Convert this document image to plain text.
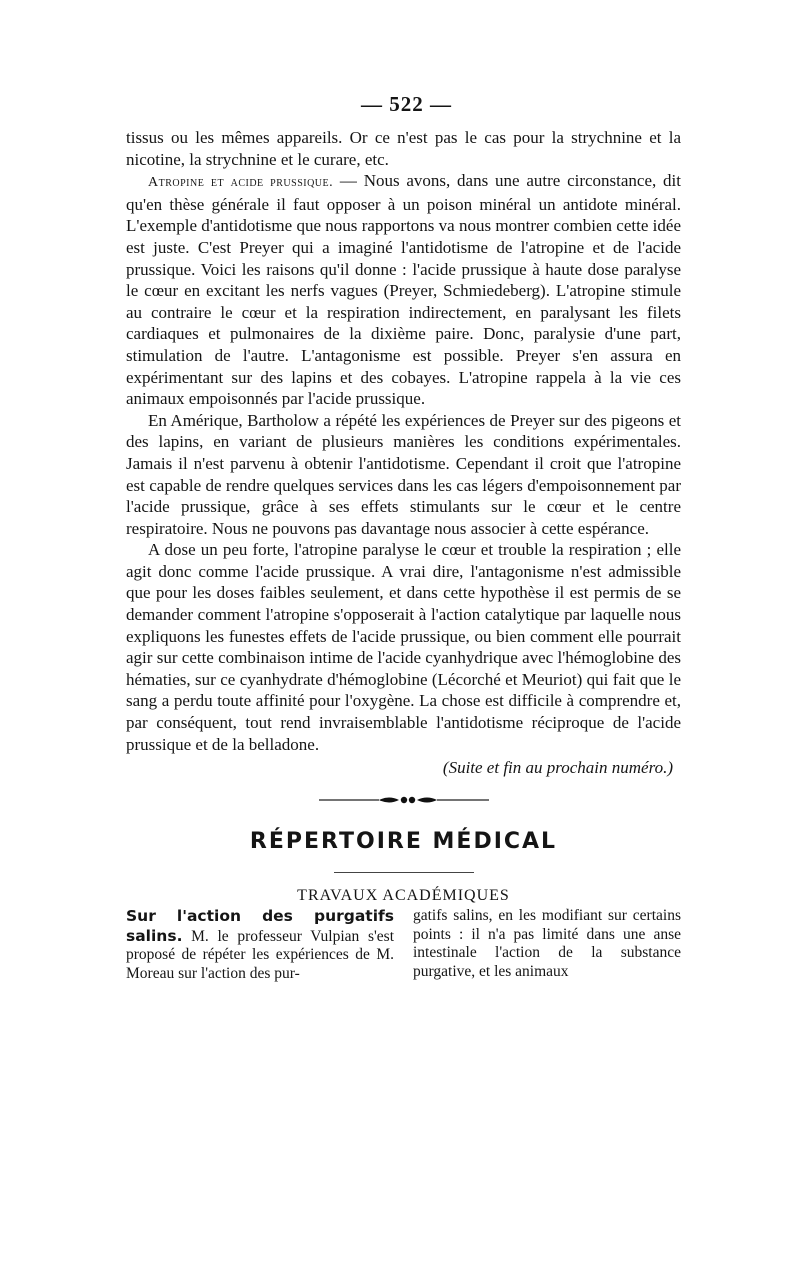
— 522 —

tissus ou les mêmes appareils. Or ce n'est pas le cas pour la strychnine et la nicotine, la strychnine et le curare, etc.

Atropine et acide prussique. — Nous avons, dans une autre circonstance, dit qu'en thèse générale il faut opposer à un poison minéral un antidote minéral. L'exemple d'antidotisme que nous rapportons va nous montrer combien cette idée est juste. C'est Preyer qui a imaginé l'antidotisme de l'atropine et de l'acide prussique. Voici les raisons qu'il donne : l'acide prussique à haute dose paralyse le cœur en excitant les nerfs vagues (Preyer, Schmiedeberg). L'atropine stimule au contraire le cœur et la respiration indirectement, en paralysant les filets cardiaques et pulmonaires de la dixième paire. Donc, paralysie d'une part, stimulation de l'autre. L'antagonisme est possible. Preyer s'en assura en expérimentant sur des lapins et des cobayes. L'atropine rappela à la vie ces animaux empoisonnés par l'acide prussique.

En Amérique, Bartholow a répété les expériences de Preyer sur des pigeons et des lapins, en variant de plusieurs manières les conditions expérimentales. Jamais il n'est parvenu à obtenir l'antidotisme. Cependant il croit que l'atropine est capable de rendre quelques services dans les cas légers d'empoisonnement par l'acide prussique, grâce à ses effets stimulants sur le cœur et le centre respiratoire. Nous ne pouvons pas davantage nous associer à cette espérance.

A dose un peu forte, l'atropine paralyse le cœur et trouble la respiration ; elle agit donc comme l'acide prussique. A vrai dire, l'antagonisme n'est admissible que pour les doses faibles seulement, et dans cette hypothèse il est permis de se demander comment l'atropine s'opposerait à l'action catalytique par laquelle nous expliquons les funestes effets de l'acide prussique, ou bien comment elle pourrait agir sur cette combinaison intime de l'acide cyanhydrique avec l'hémoglobine des hématies, sur ce cyanhydrate d'hémoglobine (Lécorché et Meuriot) qui fait que le sang a perdu toute affinité pour l'oxygène. La chose est difficile à comprendre et, par conséquent, tout rend invraisemblable l'antidotisme réciproque de l'acide prussique et de la belladone.

(Suite et fin au prochain numéro.)
RÉPERTOIRE MÉDICAL
TRAVAUX ACADÉMIQUES

Sur l'action des purgatifs salins. M. le professeur Vulpian s'est proposé de répéter les expériences de M. Moreau sur l'action des pur-

gatifs salins, en les modifiant sur certains points : il n'a pas limité dans une anse intestinale l'action de la substance purgative, et les animaux
